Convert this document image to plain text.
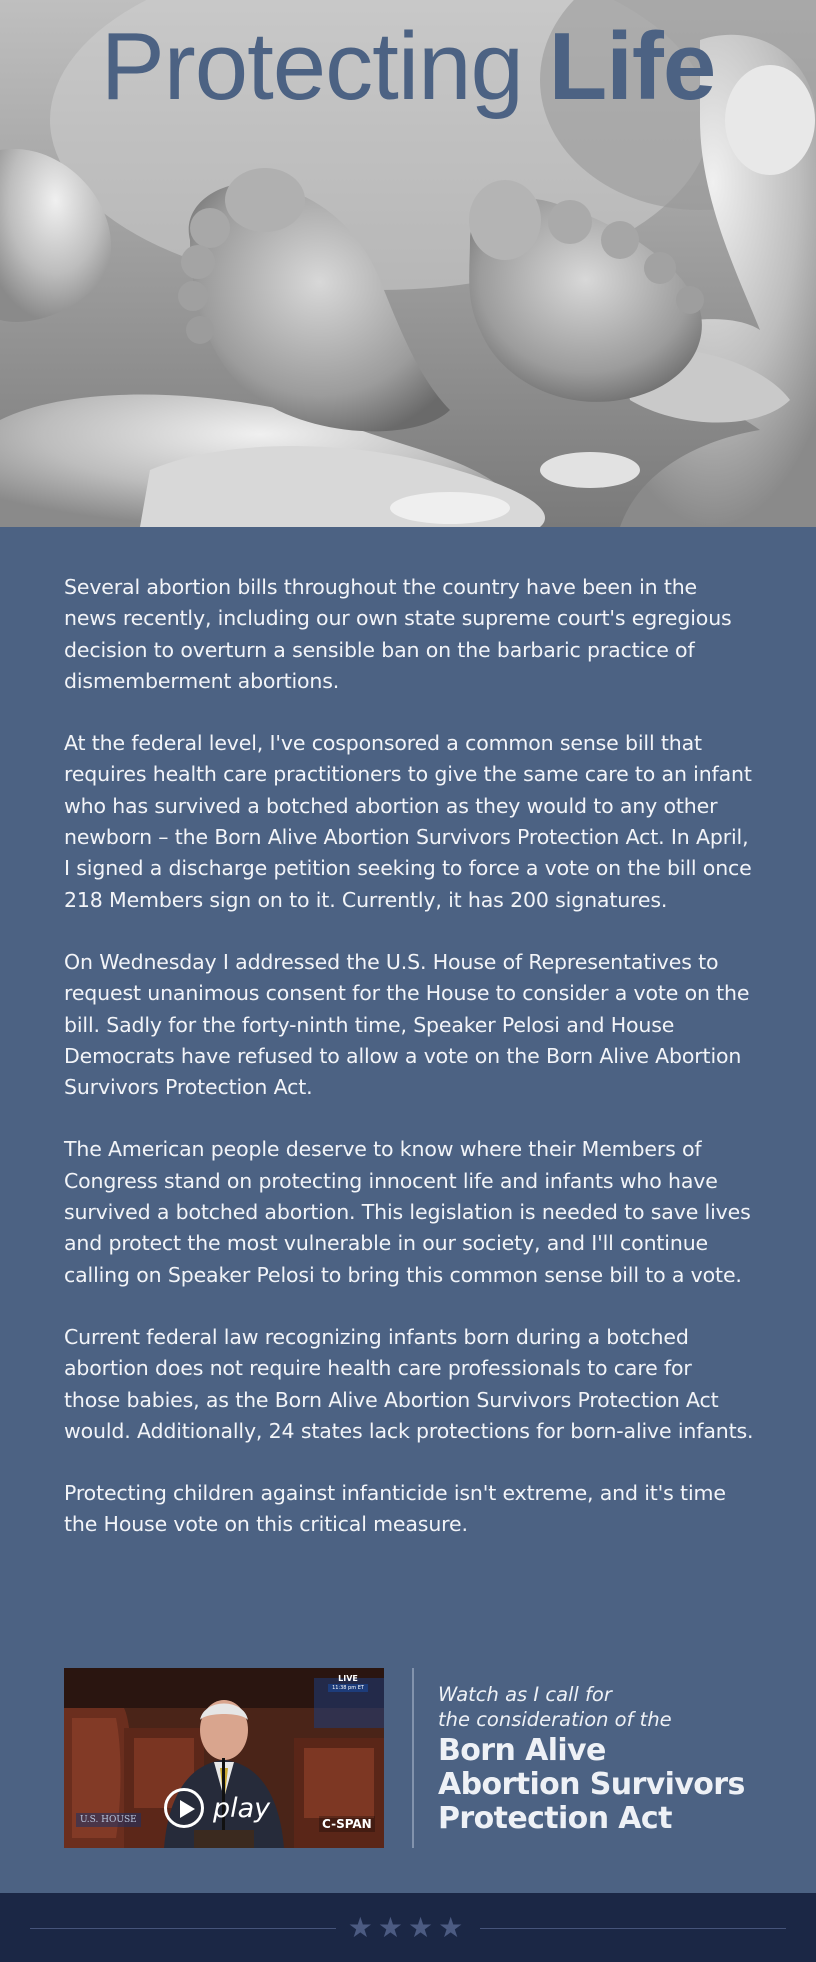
Protecting Life

Several abortion bills throughout the country have been in the news recently, including our own state supreme court's egregious decision to overturn a sensible ban on the barbaric practice of dismemberment abortions.

At the federal level, I've cosponsored a common sense bill that requires health care practitioners to give the same care to an infant who has survived a botched abortion as they would to any other newborn – the Born Alive Abortion Survivors Protection Act. In April, I signed a discharge petition seeking to force a vote on the bill once 218 Members sign on to it. Currently, it has 200 signatures.

On Wednesday I addressed the U.S. House of Representatives to request unanimous consent for the House to consider a vote on the bill. Sadly for the forty-ninth time, Speaker Pelosi and House Democrats have refused to allow a vote on the Born Alive Abortion Survivors Protection Act.

The American people deserve to know where their Members of Congress stand on protecting innocent life and infants who have survived a botched abortion. This legislation is needed to save lives and protect the most vulnerable in our society, and I'll continue calling on Speaker Pelosi to bring this common sense bill to a vote.

Current federal law recognizing infants born during a botched abortion does not require health care professionals to care for those babies, as the Born Alive Abortion Survivors Protection Act would. Additionally, 24 states lack protections for born-alive infants.

Protecting children against infanticide isn't extreme, and it's time the House vote on this critical measure.

LIVE
11:38 pm ET
U.S. HOUSE	C-SPAN
play
Watch as I call for
the consideration of the
Born Alive
Abortion Survivors
Protection Act
★★★★
